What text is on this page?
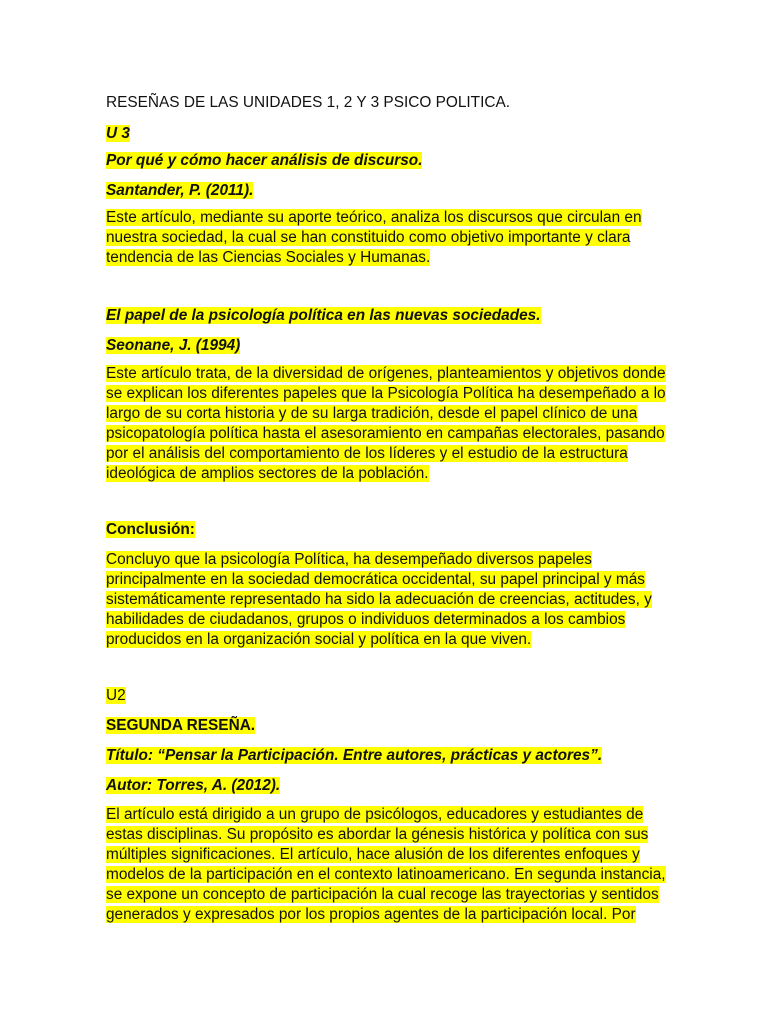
RESEÑAS DE LAS UNIDADES 1, 2 Y 3 PSICO POLITICA.
U 3
Por qué y cómo hacer análisis de discurso.
Santander, P. (2011).
Este artículo, mediante su aporte teórico, analiza los discursos que circulan en
nuestra sociedad, la cual se han constituido como objetivo importante y clara
tendencia de las Ciencias Sociales y Humanas.
El papel de la psicología política en las nuevas sociedades.
Seonane, J. (1994)
Este artículo trata, de la diversidad de orígenes, planteamientos y objetivos donde
se explican los diferentes papeles que la Psicología Política ha desempeñado a lo
largo de su corta historia y de su larga tradición, desde el papel clínico de una
psicopatología política hasta el asesoramiento en campañas electorales, pasando
por el análisis del comportamiento de los líderes y el estudio de la estructura
ideológica de amplios sectores de la población.
Conclusión:
Concluyo que la psicología Política, ha desempeñado diversos papeles
principalmente en la sociedad democrática occidental, su papel principal y más
sistemáticamente representado ha sido la adecuación de creencias, actitudes, y
habilidades de ciudadanos, grupos o individuos determinados a los cambios
producidos en la organización social y política en la que viven.
U2
SEGUNDA RESEÑA.
Título: “Pensar la Participación. Entre autores, prácticas y actores”.
Autor: Torres, A. (2012).
El artículo está dirigido a un grupo de psicólogos, educadores y estudiantes de
estas disciplinas. Su propósito es abordar la génesis histórica y política con sus
múltiples significaciones. El artículo, hace alusión de los diferentes enfoques y
modelos de la participación en el contexto latinoamericano. En segunda instancia,
se expone un concepto de participación la cual recoge las trayectorias y sentidos
generados y expresados por los propios agentes de la participación local. Por
